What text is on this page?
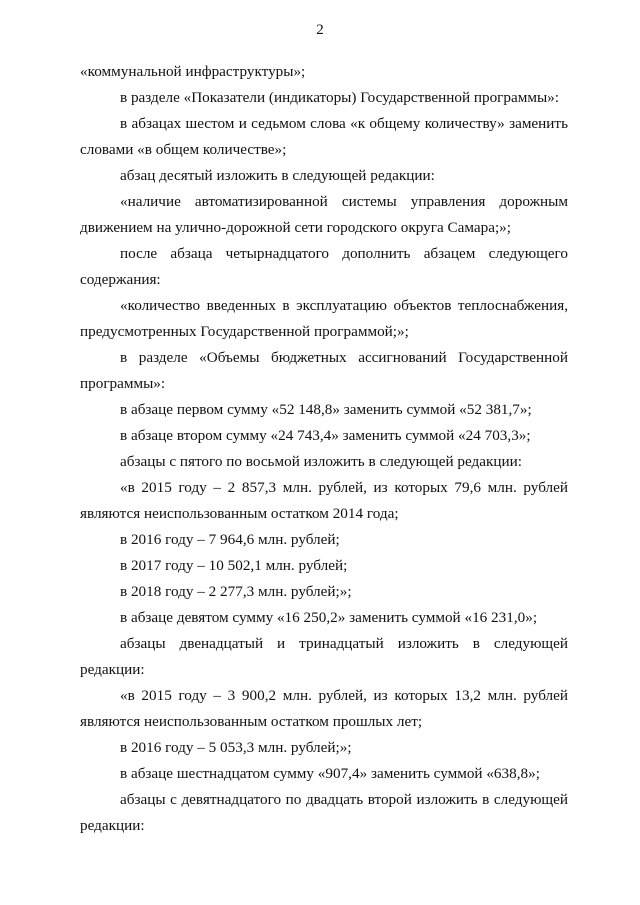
2

«коммунальной инфраструктуры»;

в разделе «Показатели (индикаторы) Государственной программы»:

в абзацах шестом и седьмом слова «к общему количеству» заменить словами «в общем количестве»;

абзац десятый изложить в следующей редакции:

«наличие автоматизированной системы управления дорожным движением на улично-дорожной сети городского округа Самара;»;

после абзаца четырнадцатого дополнить абзацем следующего содержания:

«количество введенных в эксплуатацию объектов теплоснабжения, предусмотренных Государственной программой;»;

в разделе «Объемы бюджетных ассигнований Государственной программы»:

в абзаце первом сумму «52 148,8» заменить суммой «52 381,7»;

в абзаце втором сумму «24 743,4» заменить суммой «24 703,3»;

абзацы с пятого по восьмой изложить в следующей редакции:

«в 2015 году – 2 857,3 млн. рублей, из которых 79,6 млн. рублей являются неиспользованным остатком 2014 года;

в 2016 году – 7 964,6 млн. рублей;

в 2017 году – 10 502,1 млн. рублей;

в 2018 году – 2 277,3 млн. рублей;»;

в абзаце девятом сумму «16 250,2» заменить суммой «16 231,0»;

абзацы двенадцатый и тринадцатый изложить в следующей редакции:

«в 2015 году – 3 900,2 млн. рублей, из которых 13,2 млн. рублей являются неиспользованным остатком прошлых лет;

в 2016 году – 5 053,3 млн. рублей;»;

в абзаце шестнадцатом сумму «907,4» заменить суммой «638,8»;

абзацы с девятнадцатого по двадцать второй изложить в следующей редакции:
